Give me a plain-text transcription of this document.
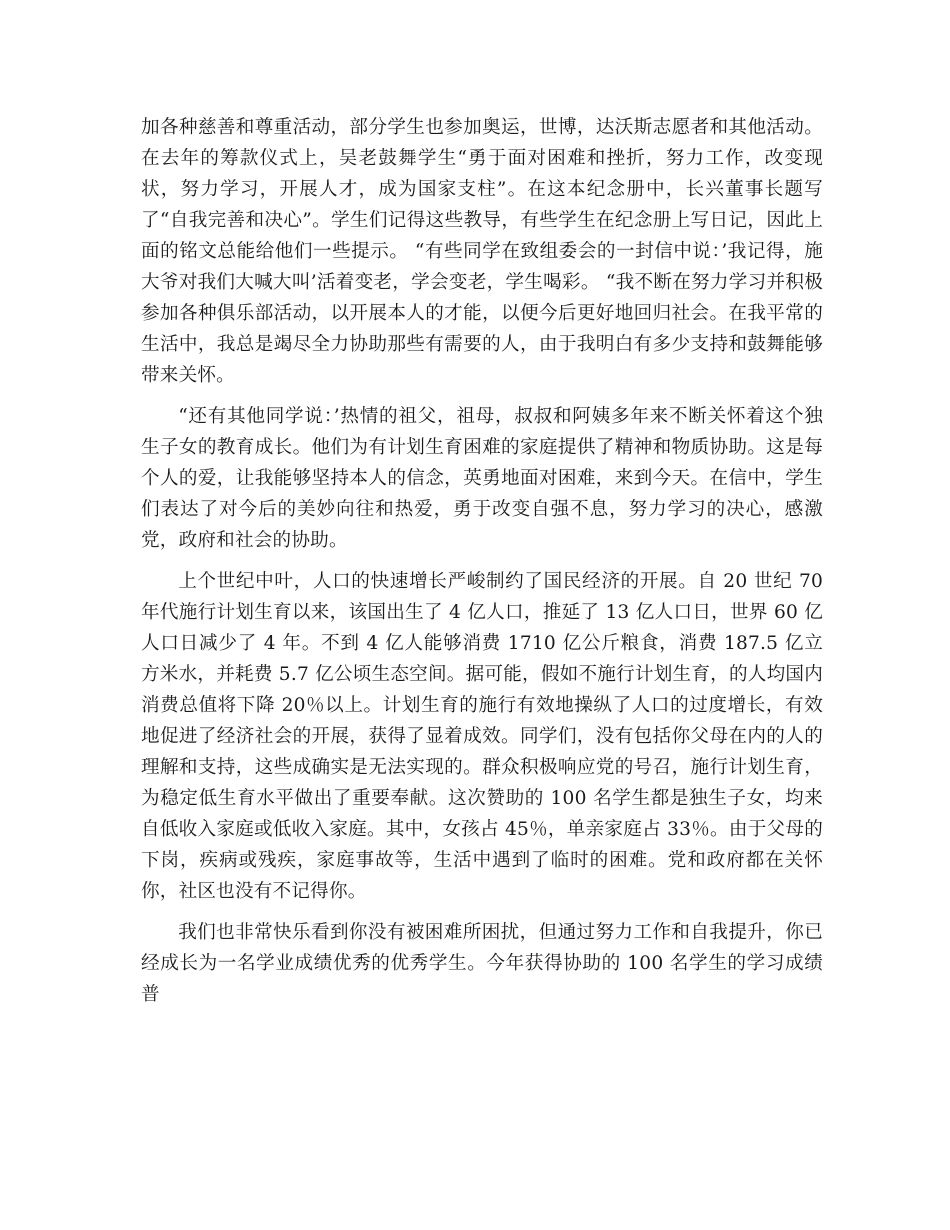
加各种慈善和尊重活动，部分学生也参加奥运，世博，达沃斯志愿者和其他活动。在去年的筹款仪式上，吴老鼓舞学生“勇于面对困难和挫折，努力工作，改变现状，努力学习，开展人才，成为国家支柱”。在这本纪念册中，长兴董事长题写了“自我完善和决心”。学生们记得这些教导，有些学生在纪念册上写日记，因此上面的铭文总能给他们一些提示。 “有些同学在致组委会的一封信中说：’我记得，施大爷对我们大喊大叫’活着变老，学会变老，学生喝彩。 “我不断在努力学习并积极参加各种俱乐部活动，以开展本人的才能，以便今后更好地回归社会。在我平常的生活中，我总是竭尽全力协助那些有需要的人，由于我明白有多少支持和鼓舞能够带来关怀。

“还有其他同学说：’热情的祖父，祖母，叔叔和阿姨多年来不断关怀着这个独生子女的教育成长。他们为有计划生育困难的家庭提供了精神和物质协助。这是每个人的爱，让我能够坚持本人的信念，英勇地面对困难，来到今天。在信中，学生们表达了对今后的美妙向往和热爱，勇于改变自强不息，努力学习的决心，感激党，政府和社会的协助。

上个世纪中叶，人口的快速增长严峻制约了国民经济的开展。自 20 世纪 70 年代施行计划生育以来，该国出生了 4 亿人口，推延了 13 亿人口日，世界 60 亿人口日减少了 4 年。不到 4 亿人能够消费 1710 亿公斤粮食，消费 187.5 亿立方米水，并耗费 5.7 亿公顷生态空间。据可能，假如不施行计划生育，的人均国内消费总值将下降 20％以上。计划生育的施行有效地操纵了人口的过度增长，有效地促进了经济社会的开展，获得了显着成效。同学们，没有包括你父母在内的人的理解和支持，这些成确实是无法实现的。群众积极响应党的号召，施行计划生育，为稳定低生育水平做出了重要奉献。这次赞助的 100 名学生都是独生子女，均来自低收入家庭或低收入家庭。其中，女孩占 45％，单亲家庭占 33％。由于父母的下岗，疾病或残疾，家庭事故等，生活中遇到了临时的困难。党和政府都在关怀你，社区也没有不记得你。

我们也非常快乐看到你没有被困难所困扰，但通过努力工作和自我提升，你已经成长为一名学业成绩优秀的优秀学生。今年获得协助的 100 名学生的学习成绩普
